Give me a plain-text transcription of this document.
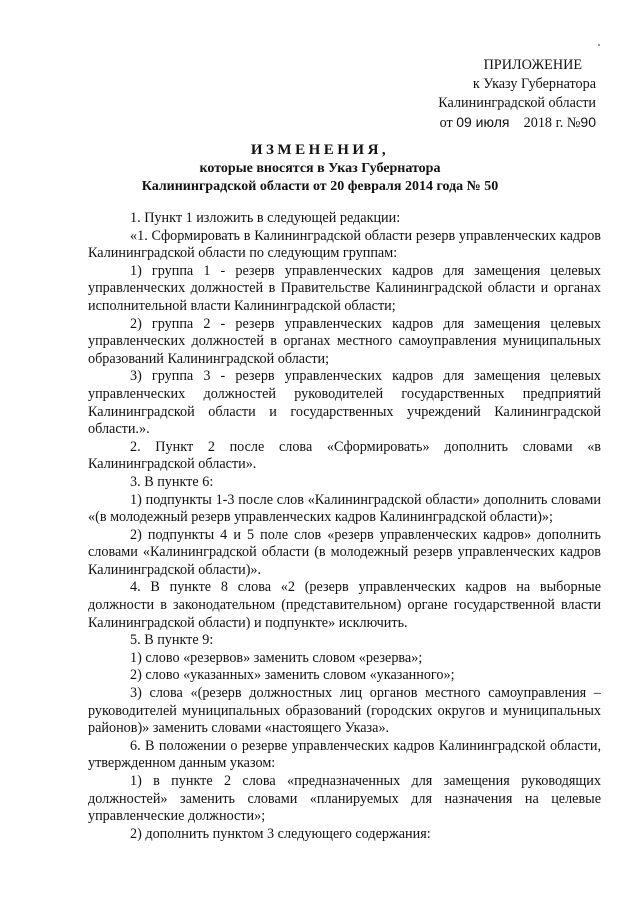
ПРИЛОЖЕНИЕ
к Указу Губернатора
Калининградской области
от 09 июля 2018 г. №90
ИЗМЕНЕНИЯ,
которые вносятся в Указ Губернатора
Калининградской области от 20 февраля 2014 года № 50

1. Пункт 1 изложить в следующей редакции:

«1. Сформировать в Калининградской области резерв управленческих кадров Калининградской области по следующим группам:

1) группа 1 - резерв управленческих кадров для замещения целевых управленческих должностей в Правительстве Калининградской области и органах исполнительной власти Калининградской области;

2) группа 2 - резерв управленческих кадров для замещения целевых управленческих должностей в органах местного самоуправления муниципальных образований Калининградской области;

3) группа 3 - резерв управленческих кадров для замещения целевых управленческих должностей руководителей государственных предприятий Калининградской области и государственных учреждений Калининградской области.».

2. Пункт 2 после слова «Сформировать» дополнить словами «в Калининградской области».

3. В пункте 6:

1) подпункты 1-3 после слов «Калининградской области» дополнить словами «(в молодежный резерв управленческих кадров Калининградской области)»;

2) подпункты 4 и 5 поле слов «резерв управленческих кадров» дополнить словами «Калининградской области (в молодежный резерв управленческих кадров Калининградской области)».

4. В пункте 8 слова «2 (резерв управленческих кадров на выборные должности в законодательном (представительном) органе государственной власти Калининградской области) и подпункте» исключить.

5. В пункте 9:

1) слово «резервов» заменить словом «резерва»;

2) слово «указанных» заменить словом «указанного»;

3) слова «(резерв должностных лиц органов местного самоуправления – руководителей муниципальных образований (городских округов и муниципальных районов)» заменить словами «настоящего Указа».

6. В положении о резерве управленческих кадров Калининградской области, утвержденном данным указом:

1) в пункте 2 слова «предназначенных для замещения руководящих должностей» заменить словами «планируемых для назначения на целевые управленческие должности»;

2) дополнить пунктом 3 следующего содержания:
